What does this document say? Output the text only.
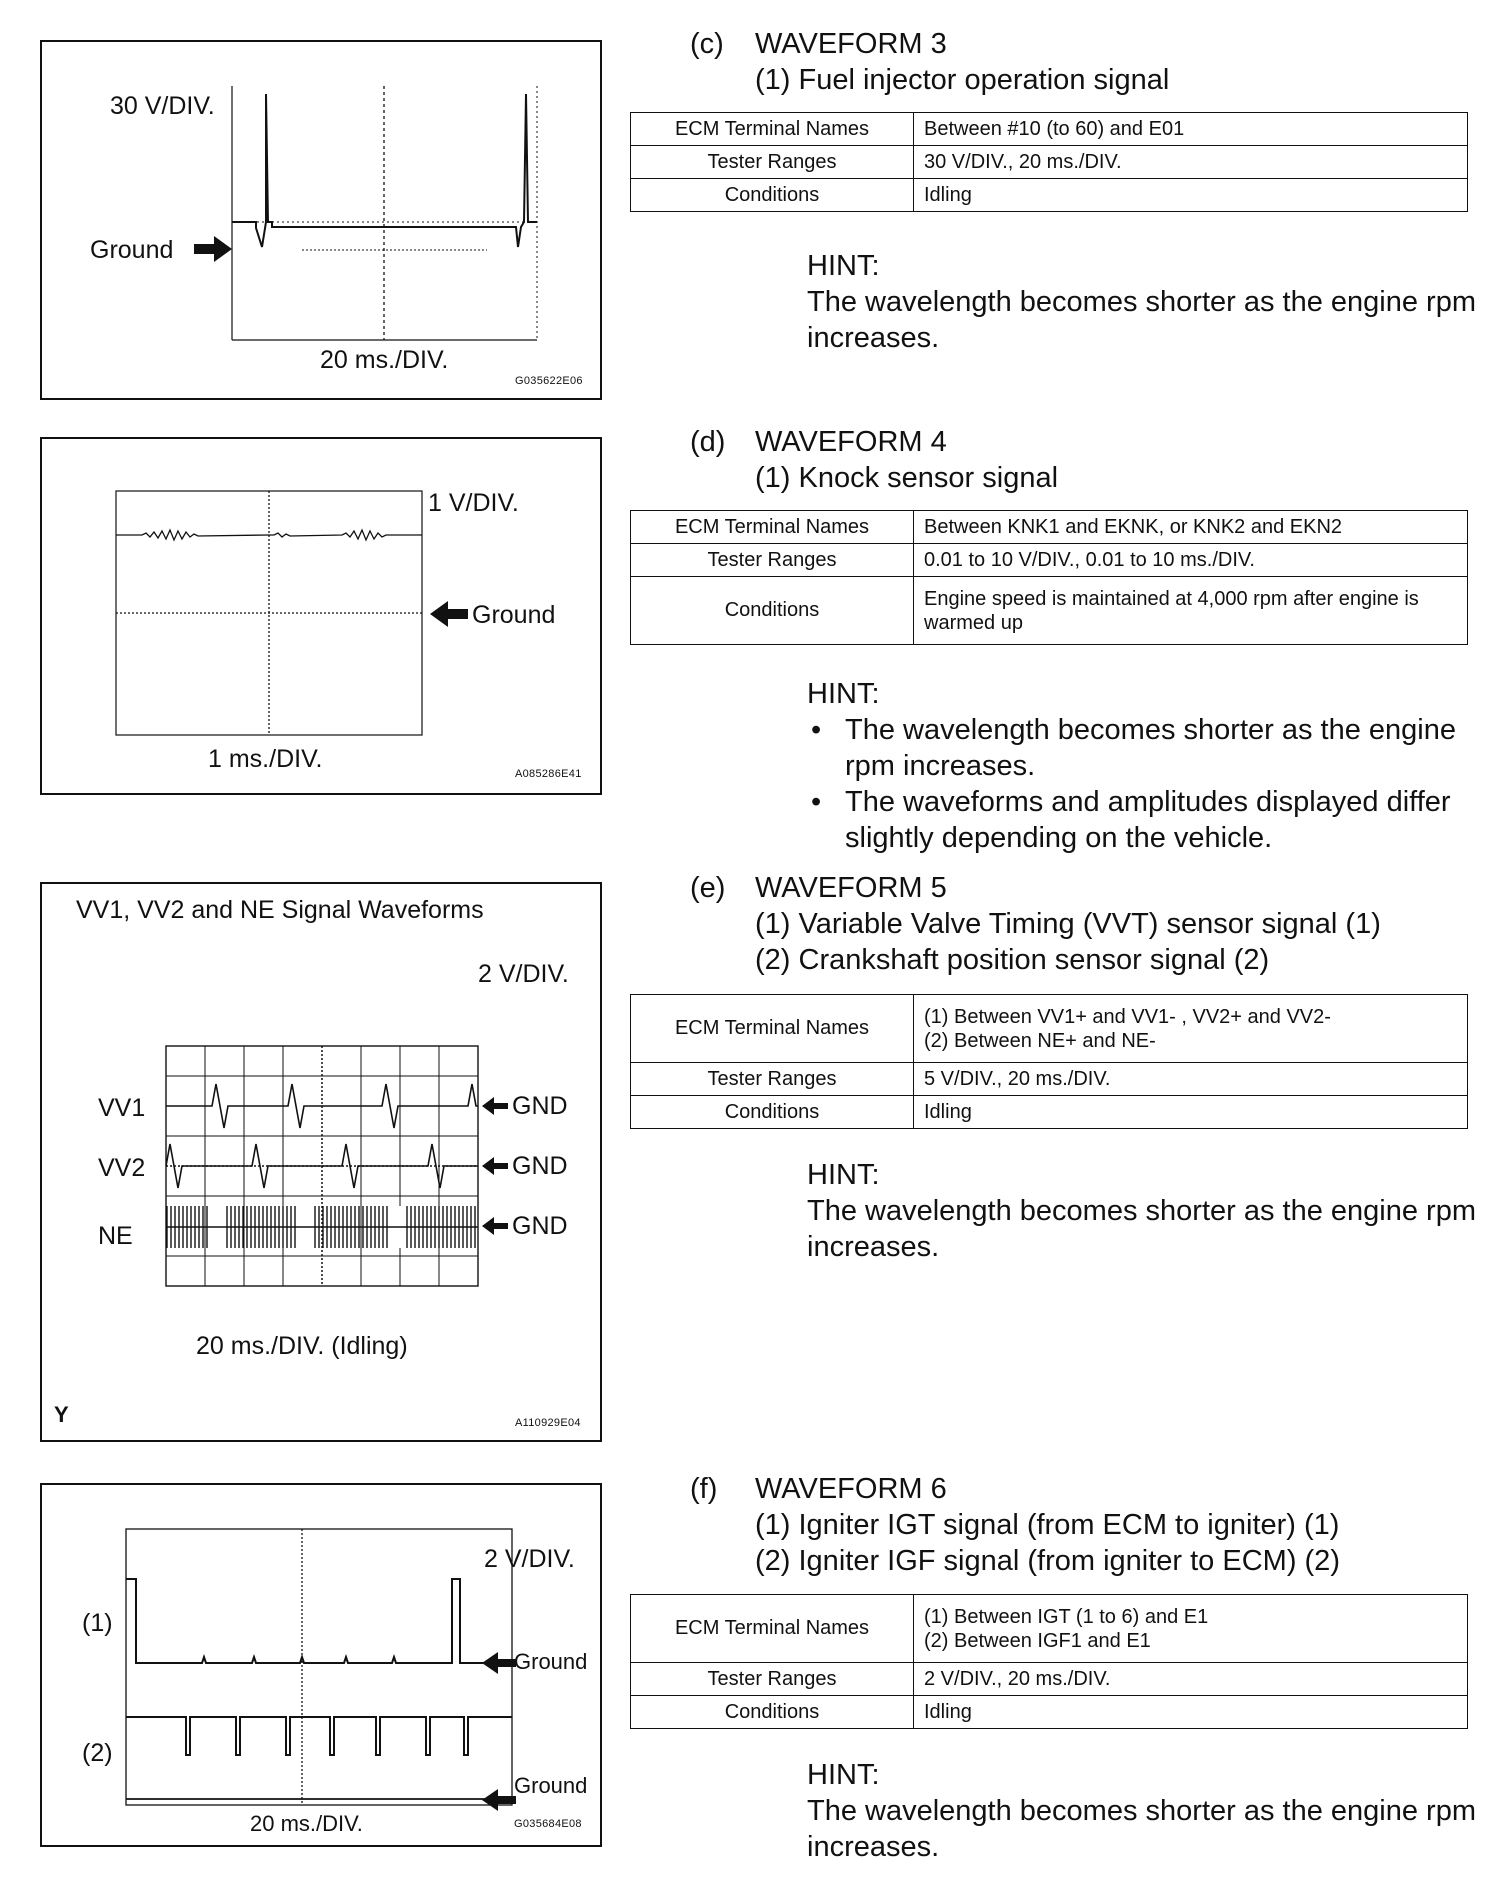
30 V/DIV.
Ground
20 ms./DIV.
G035622E06
1 V/DIV.
Ground
1 ms./DIV.
A085286E41
VV1, VV2 and NE Signal Waveforms
2 V/DIV.
VV1
VV2
NE
GND
GND
GND
20 ms./DIV. (Idling)
Y	A110929E04
2 V/DIV.
(1)
(2)
Ground
Ground
20 ms./DIV.	G035684E08
(c) WAVEFORM 3
(1) Fuel injector operation signal
ECM Terminal Names	Between #10 (to 60) and E01
Tester Ranges	30 V/DIV., 20 ms./DIV.
Conditions	Idling
HINT:
The wavelength becomes shorter as the engine rpm increases.
(d) WAVEFORM 4
(1) Knock sensor signal
ECM Terminal Names	Between KNK1 and EKNK, or KNK2 and EKN2
Tester Ranges	0.01 to 10 V/DIV., 0.01 to 10 ms./DIV.
Conditions	Engine speed is maintained at 4,000 rpm after engine is warmed up
HINT:
• The wavelength becomes shorter as the engine rpm increases.
• The waveforms and amplitudes displayed differ slightly depending on the vehicle.
(e) WAVEFORM 5
(1) Variable Valve Timing (VVT) sensor signal (1)
(2) Crankshaft position sensor signal (2)
ECM Terminal Names	(1) Between VV1+ and VV1- , VV2+ and VV2-
(2) Between NE+ and NE-

Tester Ranges	5 V/DIV., 20 ms./DIV.
Conditions	Idling
HINT:
The wavelength becomes shorter as the engine rpm increases.
(f) WAVEFORM 6
(1) Igniter IGT signal (from ECM to igniter) (1)
(2) Igniter IGF signal (from igniter to ECM) (2)
ECM Terminal Names	(1) Between IGT (1 to 6) and E1
(2) Between IGF1 and E1

Tester Ranges	2 V/DIV., 20 ms./DIV.
Conditions	Idling
HINT:
The wavelength becomes shorter as the engine rpm increases.
